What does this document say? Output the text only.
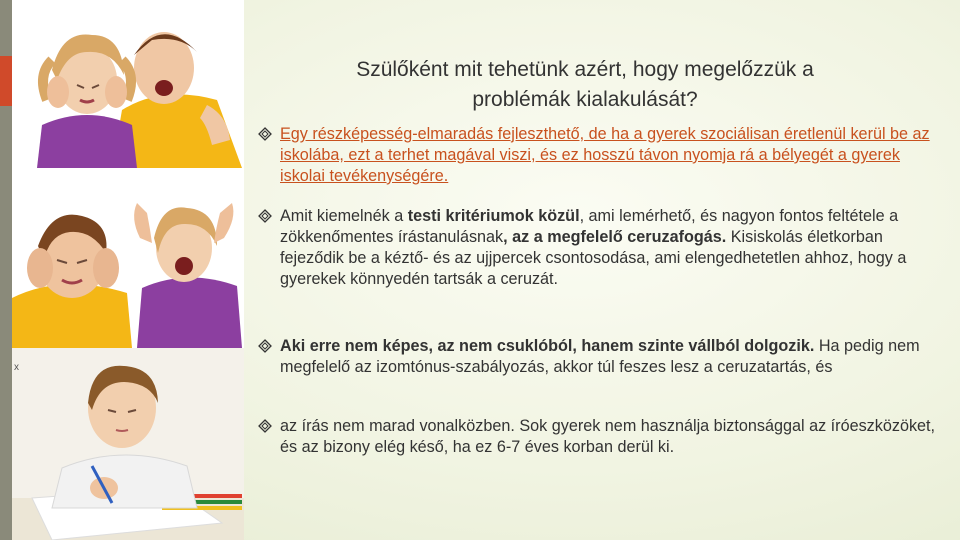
x
Szülőként mit tehetünk azért, hogy megelőzzük a
problémák kialakulását?
Egy részképesség-elmaradás fejleszthető, de ha a gyerek szociálisan éretlenül kerül be az iskolába, ezt a terhet magával viszi, és ez hosszú távon nyomja rá a bélyegét a gyerek iskolai tevékenységére.
Amit kiemelnék a testi kritériumok közül, ami lemérhető, és nagyon fontos feltétele a zökkenőmentes írástanulásnak, az a megfelelő ceruzafogás. Kisiskolás életkorban fejeződik be a kéztő- és az ujjpercek csontosodása, ami elengedhetetlen ahhoz, hogy a gyerekek könnyedén tartsák a ceruzát.
Aki erre nem képes, az nem csuklóból, hanem szinte vállból dolgozik. Ha pedig nem megfelelő az izomtónus-szabályozás, akkor túl feszes lesz a ceruzatartás, és
az írás nem marad vonalközben. Sok gyerek nem használja biztonsággal az íróeszközöket, és az bizony elég késő, ha ez 6-7 éves korban derül ki.
